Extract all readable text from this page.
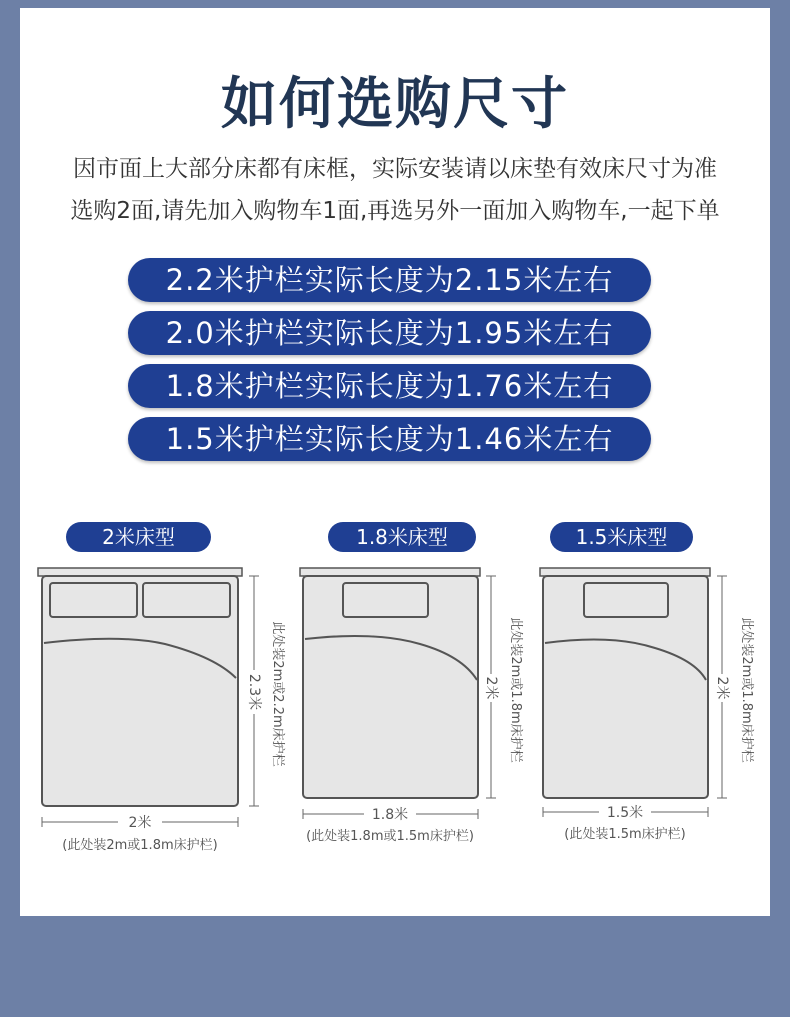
如何选购尺寸
因市面上大部分床都有床框，实际安装请以床垫有效床尺寸为准
选购2面,请先加入购物车1面,再选另外一面加入购物车,一起下单
2.2米护栏实际长度为2.15米左右
2.0米护栏实际长度为1.95米左右
1.8米护栏实际长度为1.76米左右
1.5米护栏实际长度为1.46米左右
2米床型	1.8米床型	1.5米床型
2.3米 此处装2m或2.2m床护栏
2米
(此处装2m或1.8m床护栏)
2米 此处装2m或1.8m床护栏
1.8米
(此处装1.8m或1.5m床护栏)
2米 此处装2m或1.8m床护栏
1.5米
(此处装1.5m床护栏)
